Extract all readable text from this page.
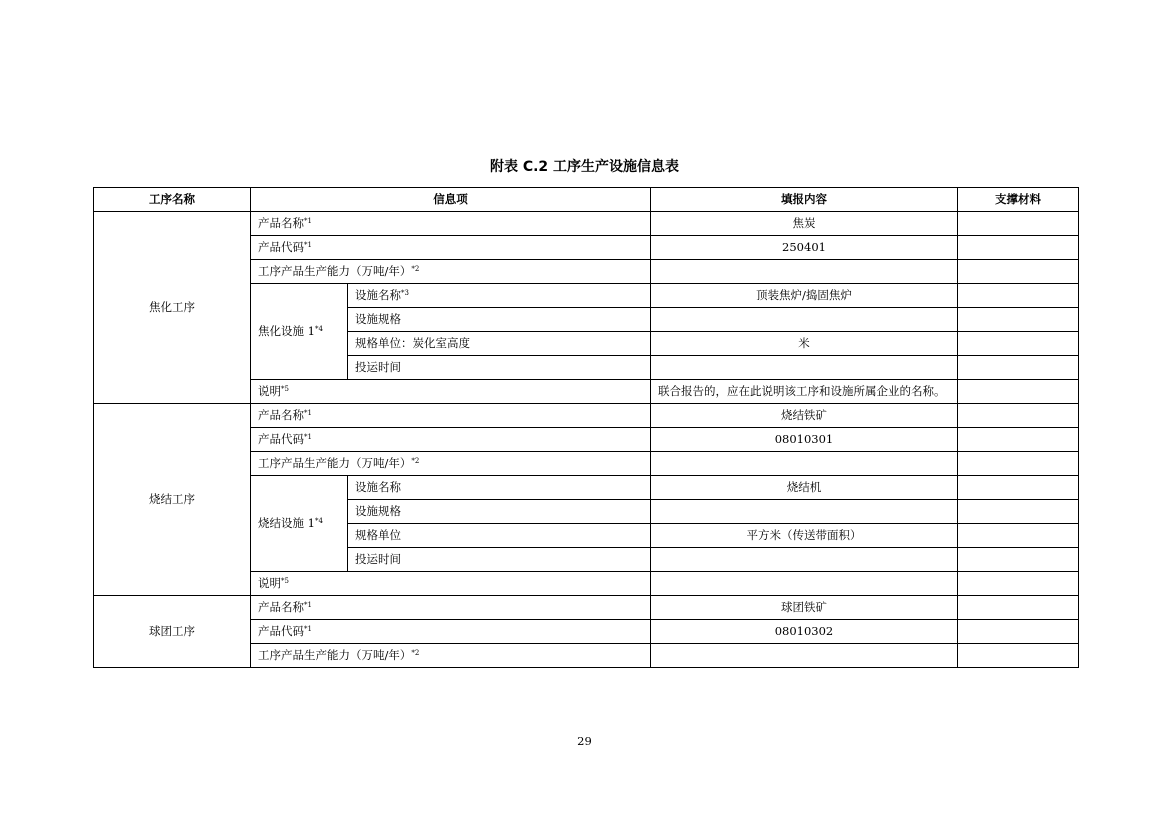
附表 C.2 工序生产设施信息表
工序名称	信息项		填报内容	支撑材料
焦化工序	产品名称$^{*1}$		焦炭	
	产品代码$^{*1}$		250401	
	工序产品生产能力（万吨/年）$^{*2}$		
	焦化设施 1$^{*4}$	设施名称$^{*3}$	顶装焦炉/捣固焦炉	
		设施规格		
		规格单位：炭化室高度	米	
		投运时间		
	说明$^{*5}$		联合报告的，应在此说明该工序和设施所属企业的名称。	
烧结工序	产品名称$^{*1}$		烧结铁矿	
	产品代码$^{*1}$		08010301	
	工序产品生产能力（万吨/年）$^{*2}$		
	烧结设施 1$^{*4}$	设施名称	烧结机	
		设施规格		
		规格单位	平方米（传送带面积）	
		投运时间		
	说明$^{*5}$		
球团工序	产品名称$^{*1}$		球团铁矿	
	产品代码$^{*1}$		08010302	
	工序产品生产能力（万吨/年）$^{*2}$		
29
